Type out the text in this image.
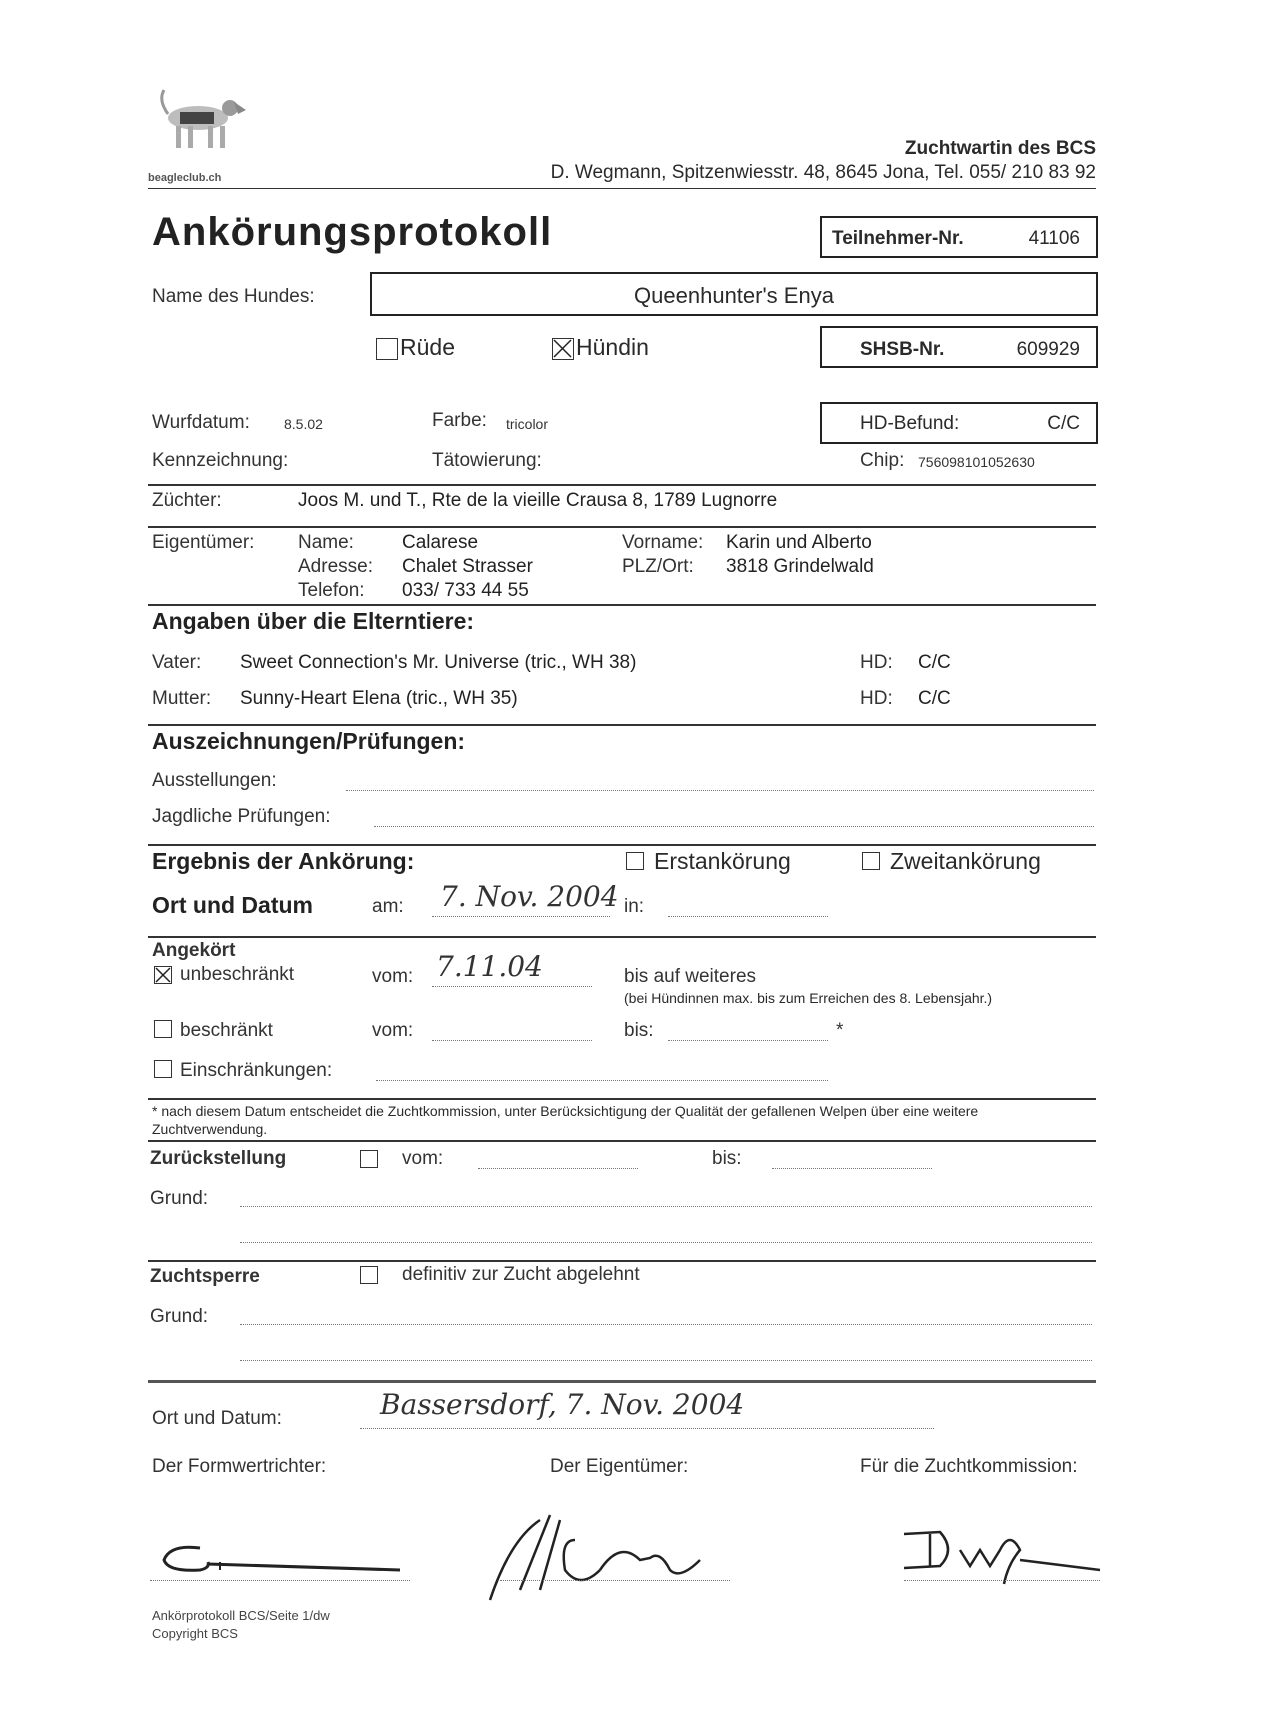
beagleclub.ch
Zuchtwartin des BCS
D. Wegmann, Spitzenwiesstr. 48, 8645 Jona, Tel. 055/ 210 83 92
Ankörungsprotokoll	Teilnehmer-Nr.	41106
Name des Hundes:	Queenhunter's Enya
Rüde	Hündin	SHSB-Nr.	609929
Wurfdatum: 8.5.02	Farbe: tricolor	HD-Befund:	C/C
Kennzeichnung:	Tätowierung:	Chip: 756098101052630
Züchter:	Joos M. und T., Rte de la vieille Crausa 8, 1789 Lugnorre
Eigentümer: Name:	Calarese	Vorname: Karin und Alberto
Adresse: Chalet Strasser	PLZ/Ort: 3818 Grindelwald
Telefon: 033/ 733 44 55
Angaben über die Elterntiere:
Vater: Sweet Connection's Mr. Universe (tric., WH 38)	HD: C/C
Mutter: Sunny-Heart Elena (tric., WH 35)	HD: C/C
Auszeichnungen/Prüfungen:
Ausstellungen:
Jagdliche Prüfungen:
Ergebnis der Ankörung:	Erstankörung	Zweitankörung
Ort und Datum	am: 7. Nov. 2004 in:
Angekört
unbeschränkt	vom: 7.11.04	bis auf weiteres
(bei Hündinnen max. bis zum Erreichen des 8. Lebensjahr.)
beschränkt	vom:	bis:	*
Einschränkungen:
* nach diesem Datum entscheidet die Zuchtkommission, unter Berücksichtigung der Qualität der gefallenen Welpen über eine weitere Zuchtverwendung.
Zurückstellung	vom:	bis:
Grund:
Zuchtsperre	definitiv zur Zucht abgelehnt
Grund:
Ort und Datum:	Bassersdorf, 7. Nov. 2004
Der Formwertrichter:	Der Eigentümer:	Für die Zuchtkommission:
Ankörprotokoll BCS/Seite 1/dw
Copyright BCS
